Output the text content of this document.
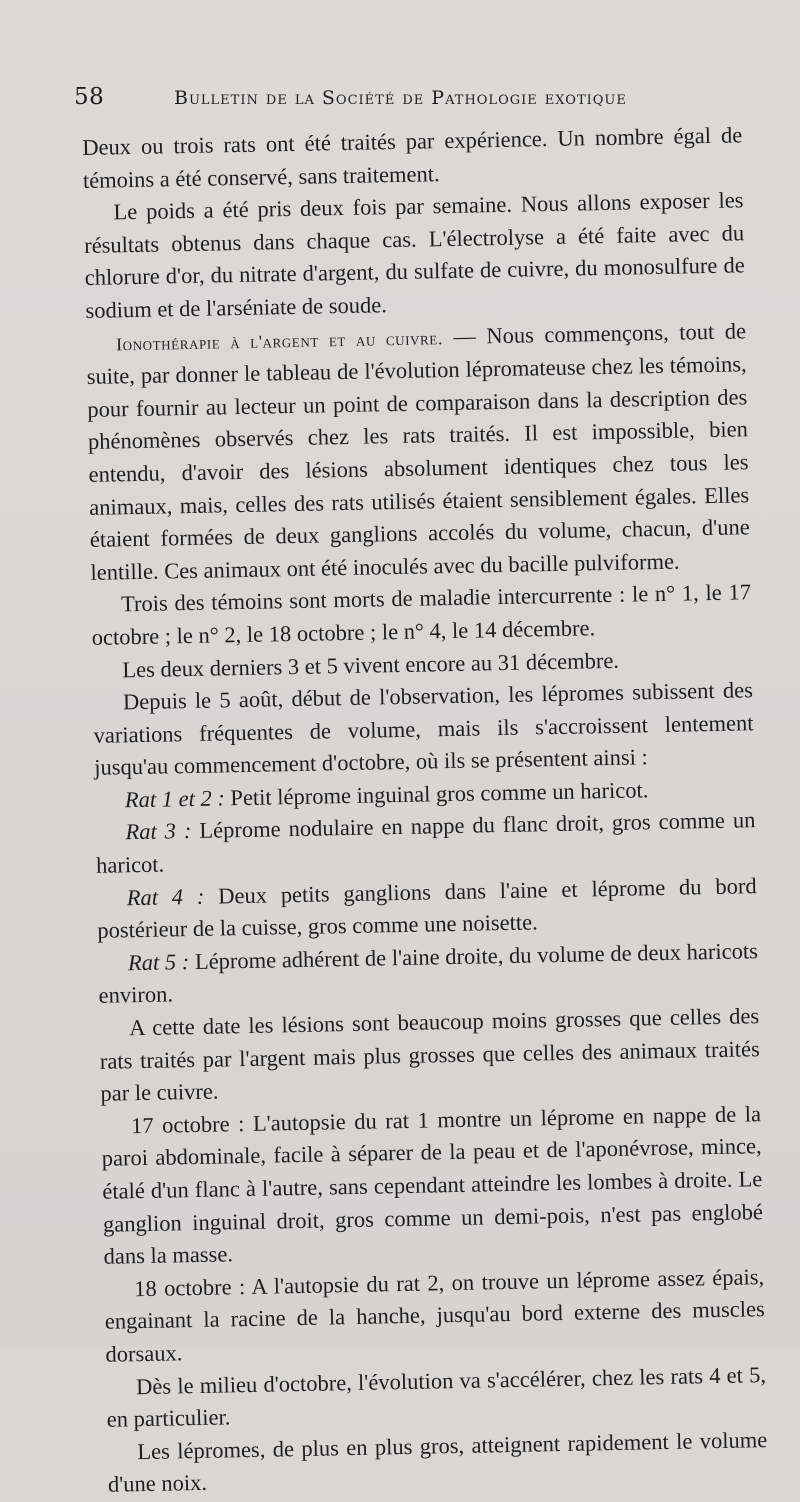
58	Bulletin de la Société de Pathologie exotique

Deux ou trois rats ont été traités par expérience. Un nombre égal de témoins a été conservé, sans traitement.

Le poids a été pris deux fois par semaine. Nous allons exposer les résultats obtenus dans chaque cas. L'électrolyse a été faite avec du chlorure d'or, du nitrate d'argent, du sulfate de cuivre, du monosulfure de sodium et de l'arséniate de soude.

Ionothérapie à l'argent et au cuivre. — Nous commençons, tout de suite, par donner le tableau de l'évolution lépromateuse chez les témoins, pour fournir au lecteur un point de comparaison dans la description des phénomènes observés chez les rats traités. Il est impossible, bien entendu, d'avoir des lésions absolument identiques chez tous les animaux, mais, celles des rats utilisés étaient sensiblement égales. Elles étaient formées de deux ganglions accolés du volume, chacun, d'une lentille. Ces animaux ont été inoculés avec du bacille pulviforme.

Trois des témoins sont morts de maladie intercurrente : le n° 1, le 17 octobre ; le n° 2, le 18 octobre ; le n° 4, le 14 décembre.

Les deux derniers 3 et 5 vivent encore au 31 décembre.

Depuis le 5 août, début de l'observation, les lépromes subissent des variations fréquentes de volume, mais ils s'accroissent lentement jusqu'au commencement d'octobre, où ils se présentent ainsi :

Rat 1 et 2 : Petit léprome inguinal gros comme un haricot.

Rat 3 : Léprome nodulaire en nappe du flanc droit, gros comme un haricot.

Rat 4 : Deux petits ganglions dans l'aine et léprome du bord postérieur de la cuisse, gros comme une noisette.

Rat 5 : Léprome adhérent de l'aine droite, du volume de deux haricots environ.

A cette date les lésions sont beaucoup moins grosses que celles des rats traités par l'argent mais plus grosses que celles des animaux traités par le cuivre.

17 octobre : L'autopsie du rat 1 montre un léprome en nappe de la paroi abdominale, facile à séparer de la peau et de l'aponévrose, mince, étalé d'un flanc à l'autre, sans cependant atteindre les lombes à droite. Le ganglion inguinal droit, gros comme un demi-pois, n'est pas englobé dans la masse.

18 octobre : A l'autopsie du rat 2, on trouve un léprome assez épais, engainant la racine de la hanche, jusqu'au bord externe des muscles dorsaux.

Dès le milieu d'octobre, l'évolution va s'accélérer, chez les rats 4 et 5, en particulier.

Les lépromes, de plus en plus gros, atteignent rapidement le volume d'une noix.
